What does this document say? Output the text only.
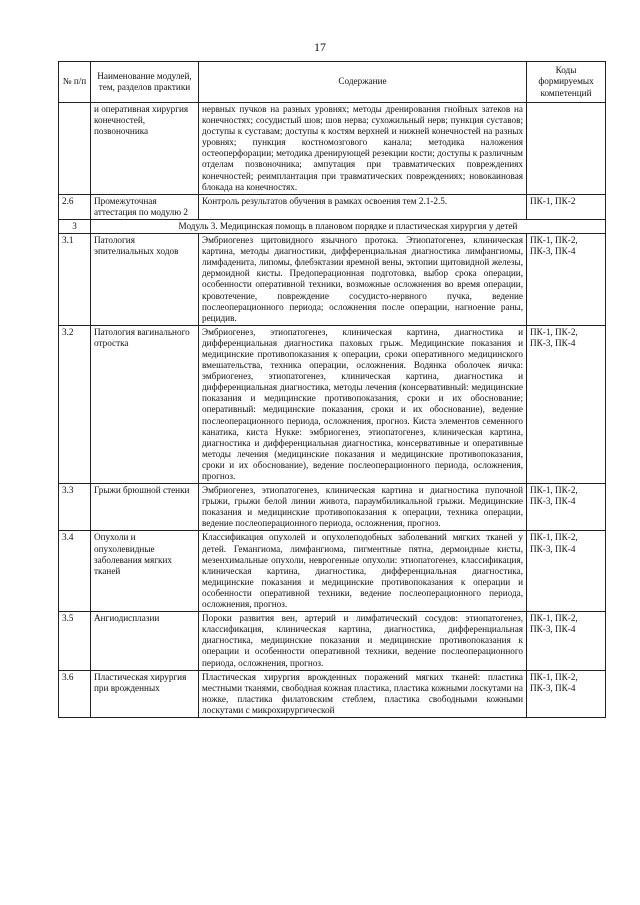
17
№ п/п	Наименование модулей, тем, разделов практики	Содержание	Коды формируемых компетенций
	и оперативная хирургия конечностей, позвоночника	нервных пучков на разных уровнях; методы дренирования гнойных затеков на конечностях; сосудистый шов; шов нерва; сухожильный нерв; пункция суставов; доступы к суставам; доступы к костям верхней и нижней конечностей на разных уровнях; пункция костномозгового канала; методика наложения остеоперфорации; методика дренирующей резекции кости; доступы к различным отделам позвоночника; ампутация при травматических повреждениях конечностей; реимплантация при травматических повреждениях; новокаиновая блокада на конечностях.	
2.6	Промежуточная аттестация по модулю 2	Контроль результатов обучения в рамках освоения тем 2.1-2.5.	ПК-1, ПК-2
3	Модуль 3. Медицинская помощь в плановом порядке и пластическая хирургия у детей		
3.1	Патология эпителиальных ходов	Эмбриогенез щитовидного язычного протока. Этиопатогенез, клиническая картина, методы диагностики, дифференциальная диагностика лимфангиомы, лимфаденита, липомы, флебэктазии яремной вены, эктопии щитовидной железы, дермоидной кисты. Предоперационная подготовка, выбор срока операции, особенности оперативной техники, возможные осложнения во время операции, кровотечение, повреждение сосудисто-нервного пучка, ведение послеоперационного периода; осложнения после операции, нагноение раны, рецидив.	ПК-1, ПК-2, ПК-3, ПК-4
3.2	Патология вагинального отростка	Эмбриогенез, этиопатогенез, клиническая картина, диагностика и дифференциальная диагностика паховых грыж. Медицинские показания и медицинские противопоказания к операции, сроки оперативного медицинского вмешательства, техника операции, осложнения. Водянка оболочек яичка: эмбриогенез, этиопатогенез, клиническая картина, диагностика и дифференциальная диагностика, методы лечения (консервативный: медицинские показания и медицинские противопоказания, сроки и их обоснование; оперативный: медицинские показания, сроки и их обоснование), ведение послеоперационного периода, осложнения, прогноз. Киста элементов семенного канатика, киста Нукке: эмбриогенез, этиопатогенез, клиническая картина, диагностика и дифференциальная диагностика, консервативные и оперативные методы лечения (медицинские показания и медицинские противопоказания, сроки и их обоснование), ведение послеоперационного периода, осложнения, прогноз.	ПК-1, ПК-2, ПК-3, ПК-4
3.3	Грыжи брюшной стенки	Эмбриогенез, этиопатогенез, клиническая картина и диагностика пупочной грыжи, грыжи белой линии живота, параумбиликальной грыжи. Медицинские показания и медицинские противопоказания к операции, техника операции, ведение послеоперационного периода, осложнения, прогноз.	ПК-1, ПК-2, ПК-3, ПК-4
3.4	Опухоли и опухолевидные заболевания мягких тканей	Классификация опухолей и опухолеподобных заболеваний мягких тканей у детей. Гемангиома, лимфангиома, пигментные пятна, дермоидные кисты, мезенхимальные опухоли, неврогенные опухоли: этиопатогенез, классификация, клиническая картина, диагностика, дифференциальная диагностика, медицинские показания и медицинские противопоказания к операции и особенности оперативной техники, ведение послеоперационного периода, осложнения, прогноз.	ПК-1, ПК-2, ПК-3, ПК-4
3.5	Ангиодисплазии	Пороки развития вен, артерий и лимфатический сосудов: этиопатогенез, классификация, клиническая картина, диагностика, дифференциальная диагностика, медицинские показания и медицинские противопоказания к операции и особенности оперативной техники, ведение послеоперационного периода, осложнения, прогноз.	ПК-1, ПК-2, ПК-3, ПК-4
3.6	Пластическая хирургия при врожденных	Пластическая хирургия врожденных поражений мягких тканей: пластика местными тканями, свободная кожная пластика, пластика кожными лоскутами на ножке, пластика филатовским стеблем, пластика свободными кожными лоскутами с микрохирургической	ПК-1, ПК-2, ПК-3, ПК-4
